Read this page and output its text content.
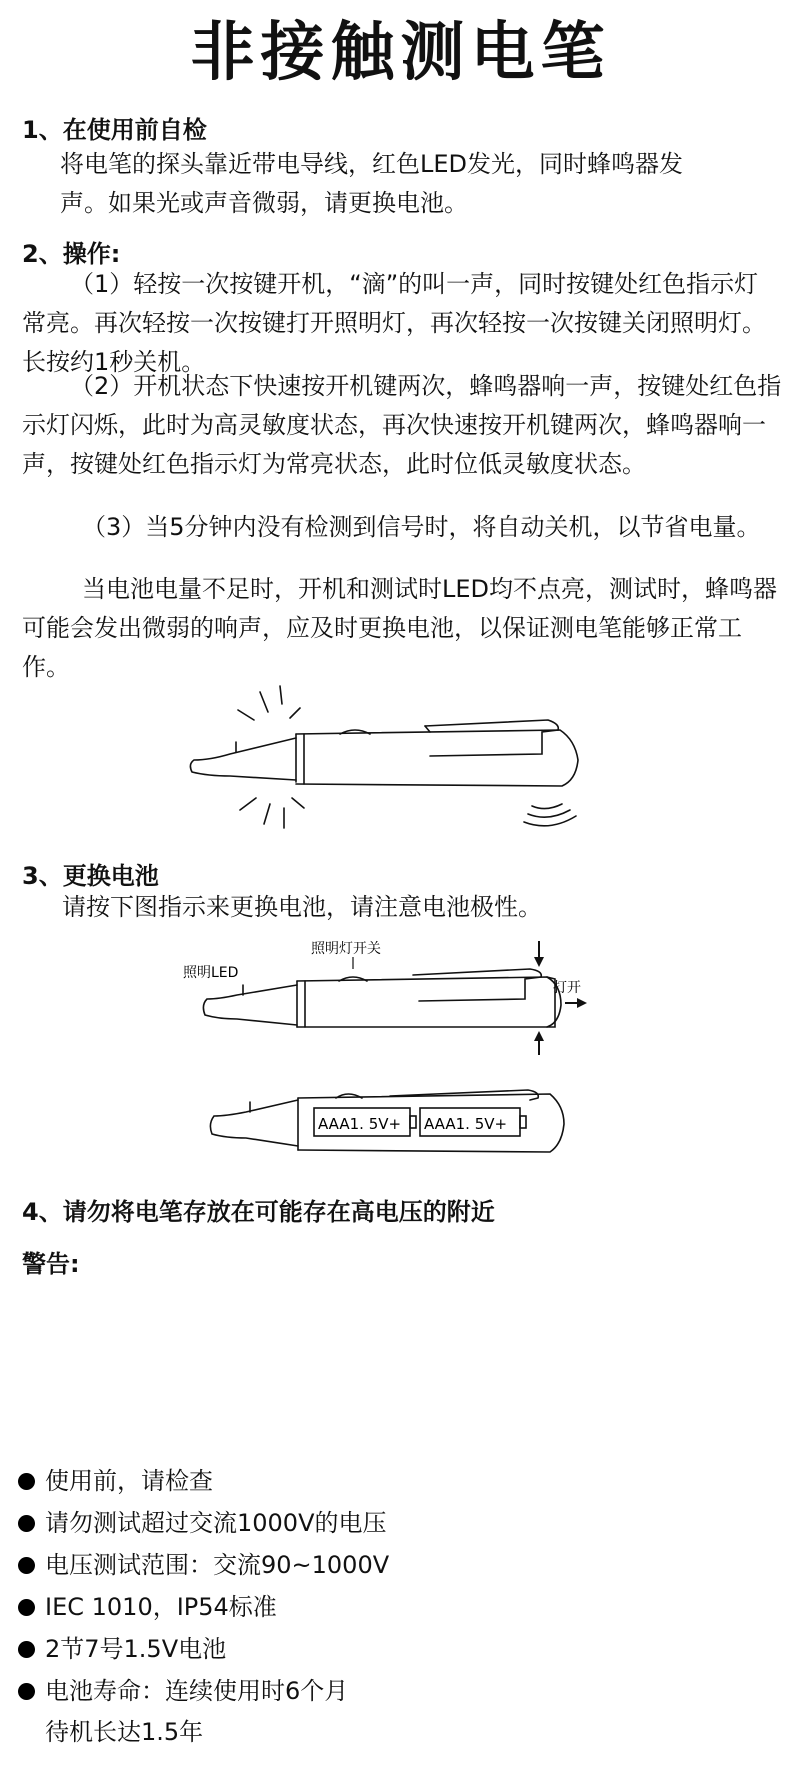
非接触测电笔
1、在使用前自检
将电笔的探头靠近带电导线，红色LED发光，同时蜂鸣器发声。如果光或声音微弱，请更换电池。
2、操作:
（1）轻按一次按键开机，“滴”的叫一声，同时按键处红色指示灯常亮。再次轻按一次按键打开照明灯，再次轻按一次按键关闭照明灯。长按约1秒关机。
（2）开机状态下快速按开机键两次，蜂鸣器响一声，按键处红色指示灯闪烁，此时为高灵敏度状态，再次快速按开机键两次，蜂鸣器响一声，按键处红色指示灯为常亮状态，此时位低灵敏度状态。
（3）当5分钟内没有检测到信号时，将自动关机，以节省电量。
当电池电量不足时，开机和测试时LED均不点亮，测试时，蜂鸣器可能会发出微弱的响声，应及时更换电池，以保证测电笔能够正常工作。
3、更换电池
请按下图指示来更换电池，请注意电池极性。
照明LED
照明灯开关
打开
AAA1. 5V+ AAA1. 5V+
4、请勿将电笔存放在可能存在高电压的附近
警告:
使用前，请检查
请勿测试超过交流1000V的电压
电压测试范围：交流90~1000V
IEC 1010，IP54标准
2节7号1.5V电池
电池寿命：连续使用时6个月
待机长达1.5年
